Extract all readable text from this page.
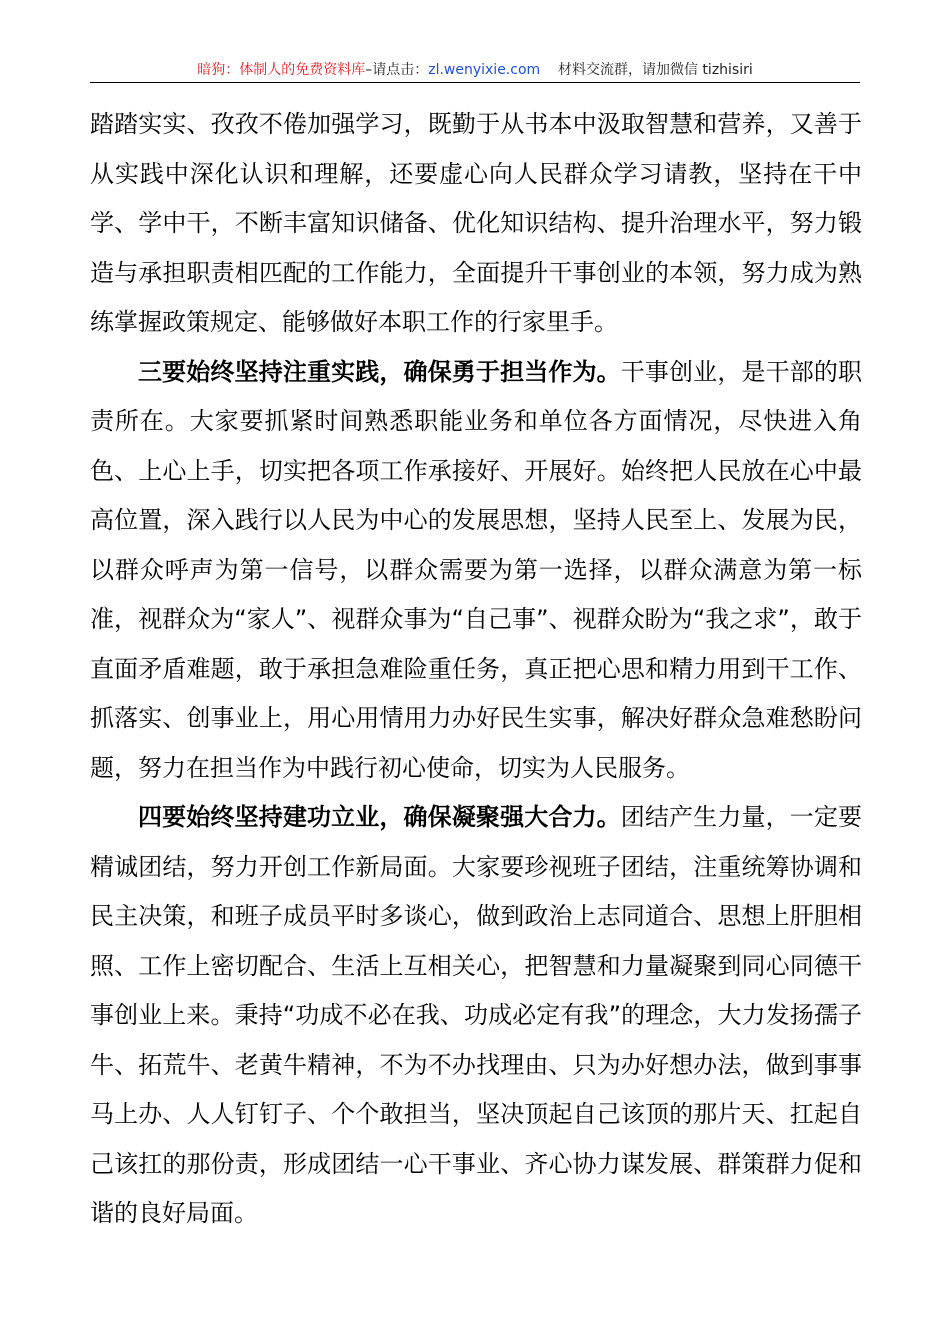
暗狗：体制人的免费资料库–请点击：zl.wenyixie.com 材料交流群，请加微信 tizhisiri

踏踏实实、孜孜不倦加强学习，既勤于从书本中汲取智慧和营养，又善于从实践中深化认识和理解，还要虚心向人民群众学习请教，坚持在干中学、学中干，不断丰富知识储备、优化知识结构、提升治理水平，努力锻造与承担职责相匹配的工作能力，全面提升干事创业的本领，努力成为熟练掌握政策规定、能够做好本职工作的行家里手。

三要始终坚持注重实践，确保勇于担当作为。干事创业，是干部的职责所在。大家要抓紧时间熟悉职能业务和单位各方面情况，尽快进入角色、上心上手，切实把各项工作承接好、开展好。始终把人民放在心中最高位置，深入践行以人民为中心的发展思想，坚持人民至上、发展为民，以群众呼声为第一信号，以群众需要为第一选择，以群众满意为第一标准，视群众为“家人”、视群众事为“自己事”、视群众盼为“我之求”，敢于直面矛盾难题，敢于承担急难险重任务，真正把心思和精力用到干工作、抓落实、创事业上，用心用情用力办好民生实事，解决好群众急难愁盼问题，努力在担当作为中践行初心使命，切实为人民服务。

四要始终坚持建功立业，确保凝聚强大合力。团结产生力量，一定要精诚团结，努力开创工作新局面。大家要珍视班子团结，注重统筹协调和民主决策，和班子成员平时多谈心，做到政治上志同道合、思想上肝胆相照、工作上密切配合、生活上互相关心，把智慧和力量凝聚到同心同德干事创业上来。秉持“功成不必在我、功成必定有我”的理念，大力发扬孺子牛、拓荒牛、老黄牛精神，不为不办找理由、只为办好想办法，做到事事马上办、人人钉钉子、个个敢担当，坚决顶起自己该顶的那片天、扛起自己该扛的那份责，形成团结一心干事业、齐心协力谋发展、群策群力促和谐的良好局面。
